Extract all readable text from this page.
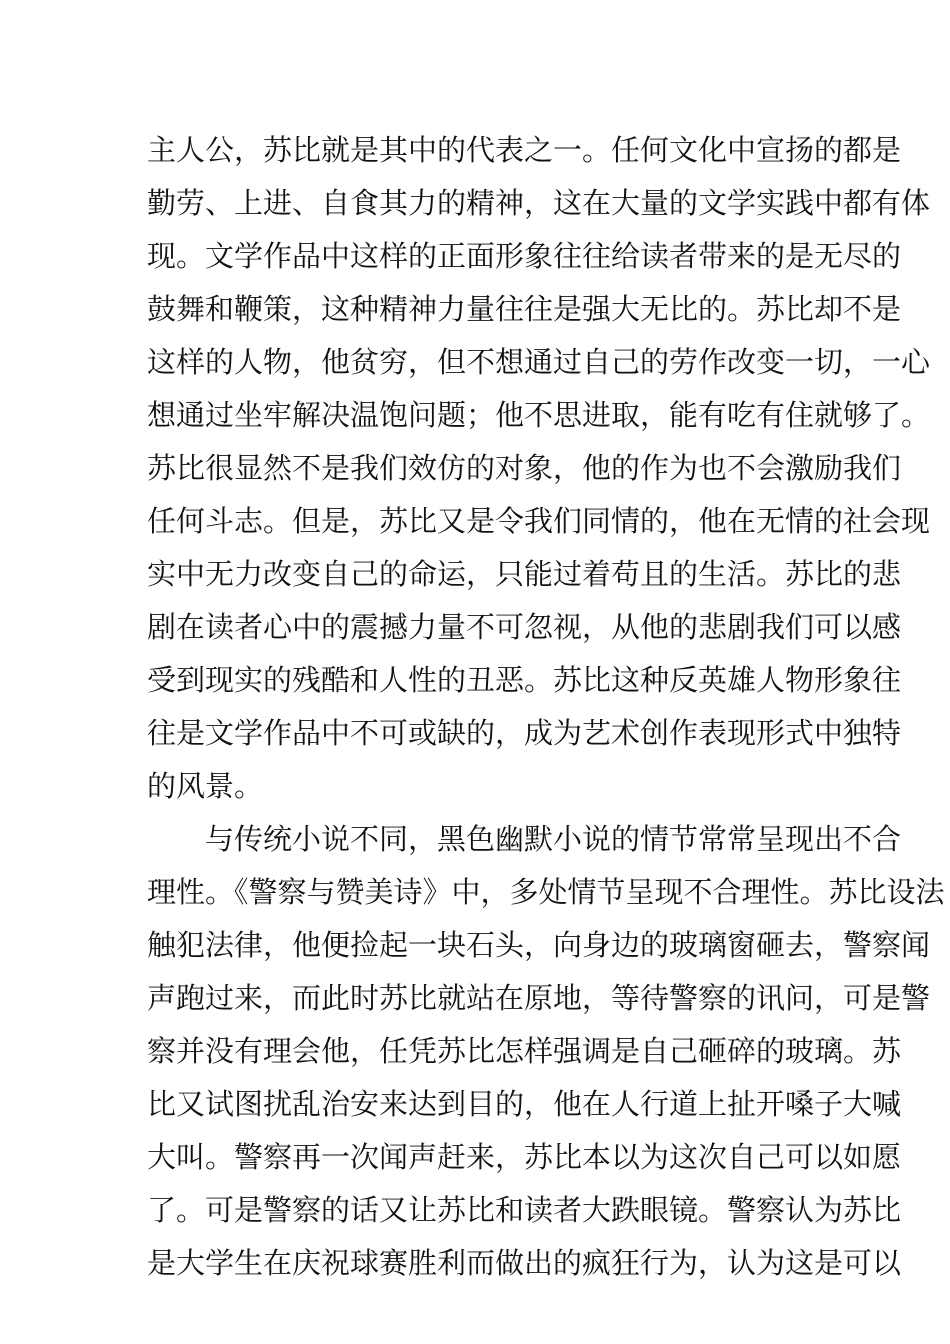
主人公，苏比就是其中的代表之一。任何文化中宣扬的都是
勤劳、上进、自食其力的精神，这在大量的文学实践中都有体
现。文学作品中这样的正面形象往往给读者带来的是无尽的
鼓舞和鞭策，这种精神力量往往是强大无比的。苏比却不是
这样的人物，他贫穷，但不想通过自己的劳作改变一切，一心
想通过坐牢解决温饱问题；他不思进取，能有吃有住就够了。
苏比很显然不是我们效仿的对象，他的作为也不会激励我们
任何斗志。但是，苏比又是令我们同情的，他在无情的社会现
实中无力改变自己的命运，只能过着苟且的生活。苏比的悲
剧在读者心中的震撼力量不可忽视，从他的悲剧我们可以感
受到现实的残酷和人性的丑恶。苏比这种反英雄人物形象往
往是文学作品中不可或缺的，成为艺术创作表现形式中独特
的风景。
与传统小说不同，黑色幽默小说的情节常常呈现出不合
理性。《警察与赞美诗》中，多处情节呈现不合理性。苏比设法
触犯法律，他便捡起一块石头，向身边的玻璃窗砸去，警察闻
声跑过来，而此时苏比就站在原地，等待警察的讯问，可是警
察并没有理会他，任凭苏比怎样强调是自己砸碎的玻璃。苏
比又试图扰乱治安来达到目的，他在人行道上扯开嗓子大喊
大叫。警察再一次闻声赶来，苏比本以为这次自己可以如愿
了。可是警察的话又让苏比和读者大跌眼镜。警察认为苏比
是大学生在庆祝球赛胜利而做出的疯狂行为，认为这是可以
